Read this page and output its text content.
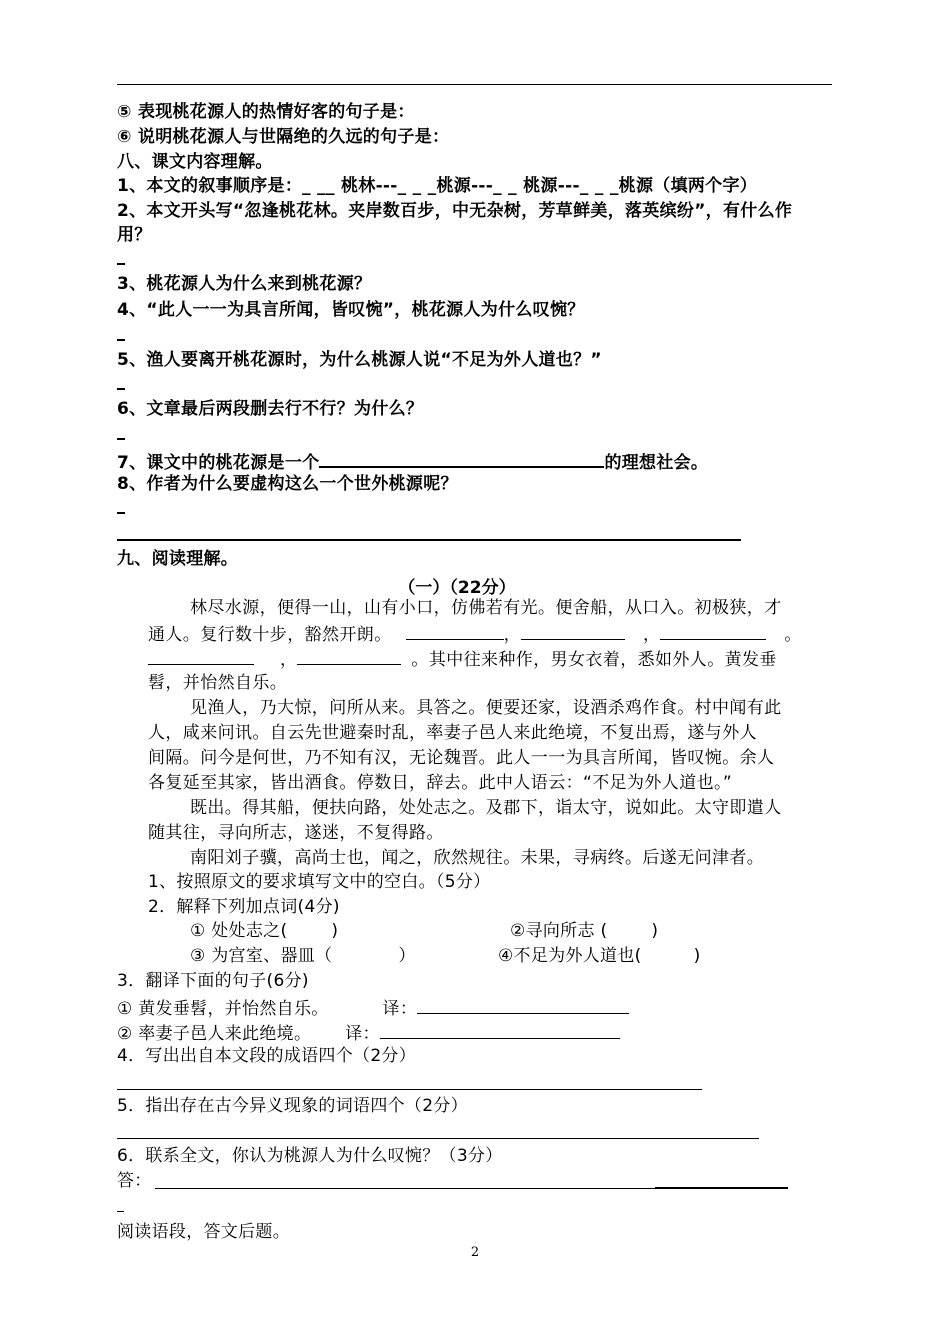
⑤ 表现桃花源人的热情好客的句子是：
⑥ 说明桃花源人与世隔绝的久远的句子是：
八、课文内容理解。
1、本文的叙事顺序是：_ __ 桃林---_ _ _桃源---_ _ 桃源---_ _ _桃源（填两个字）
2、本文开头写“忽逢桃花林。夹岸数百步，中无杂树，芳草鲜美，落英缤纷”，有什么作
用？
3、桃花源人为什么来到桃花源？
4、“此人一一为具言所闻，皆叹惋”，桃花源人为什么叹惋？
5、渔人要离开桃花源时，为什么桃源人说“不足为外人道也？”
6、文章最后两段删去行不行？为什么？
7、课文中的桃花源是一个	的理想社会。
8、作者为什么要虚构这么一个世外桃源呢？
九、阅读理解。
（一）（22分）
林尽水源，便得一山，山有小口，仿佛若有光。便舍船，从口入。初极狭，才
通人。复行数十步，豁然开朗。	，	，	。
，	。其中往来种作，男女衣着，悉如外人。黄发垂
髫，并怡然自乐。
见渔人，乃大惊，问所从来。具答之。便要还家，设酒杀鸡作食。村中闻有此
人，咸来问讯。自云先世避秦时乱，率妻子邑人来此绝境，不复出焉，遂与外人
间隔。问今是何世，乃不知有汉，无论魏晋。此人一一为具言所闻，皆叹惋。余人
各复延至其家，皆出酒食。停数日，辞去。此中人语云：“不足为外人道也。”
既出。得其船，便扶向路，处处志之。及郡下，诣太守，说如此。太守即遣人
随其往，寻向所志，遂迷，不复得路。
南阳刘子骥，高尚士也，闻之，欣然规往。未果，寻病终。后遂无问津者。
1、按照原文的要求填写文中的空白。（5分）
2．解释下列加点词(4分)
① 处处志之(	)	②寻向所志 (	)
③ 为宫室、器皿（	）	④不足为外人道也(	)
3．翻译下面的句子(6分)
① 黄发垂髫，并怡然自乐。	译：
② 率妻子邑人来此绝境。 译：
4．写出出自本文段的成语四个（2分）
5．指出存在古今异义现象的词语四个（2分）
6．联系全文，你认为桃源人为什么叹惋？（3分）
答：
阅读语段，答文后题。
2
